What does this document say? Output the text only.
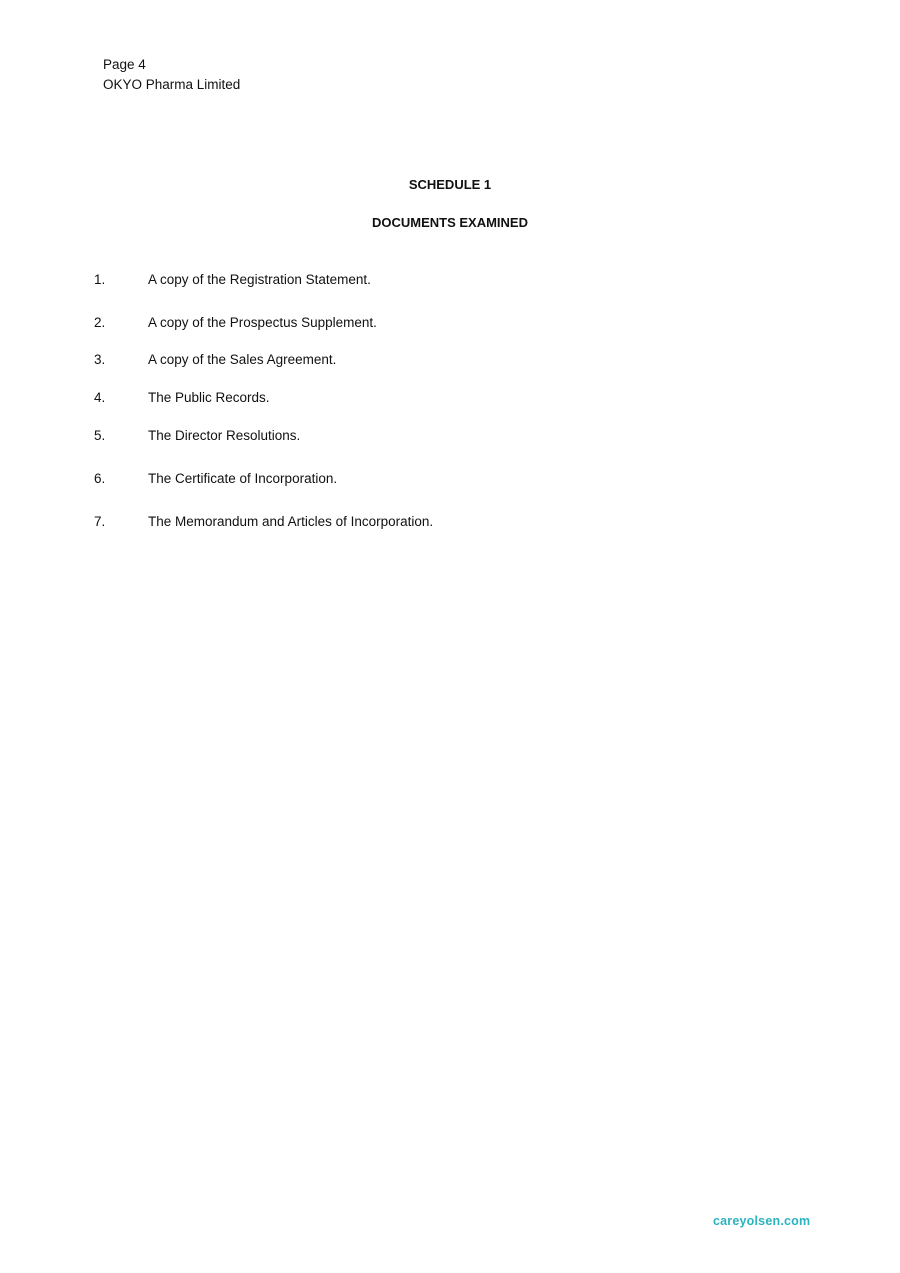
Page 4
OKYO Pharma Limited
SCHEDULE 1
DOCUMENTS EXAMINED
1.	A copy of the Registration Statement.
2.	A copy of the Prospectus Supplement.
3.	A copy of the Sales Agreement.
4.	The Public Records.
5.	The Director Resolutions.
6.	The Certificate of Incorporation.
7.	The Memorandum and Articles of Incorporation.
careyolsen.com
